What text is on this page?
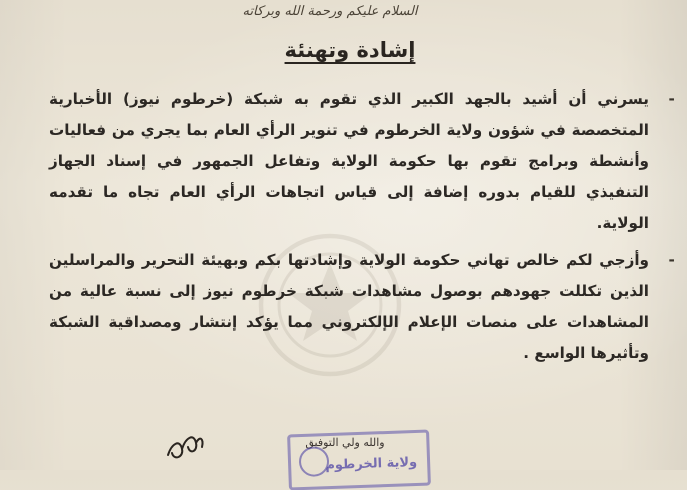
السلام عليكم ورحمة الله وبركاته
إشادة وتهنئة

-
يسرني أن أشيد بالجهد الكبير الذي تقوم به شبكة (خرطوم نيوز) الأخبارية المتخصصة في شؤون ولاية الخرطوم في تنوير الرأي العام بما يجري من فعاليات وأنشطة وبرامج تقوم بها حكومة الولاية وتفاعل الجمهور في إسناد الجهاز التنفيذي للقيام بدوره إضافة إلى قياس اتجاهات الرأي العام تجاه ما تقدمه الولاية.

-
وأزجي لكم خالص تهاني حكومة الولاية وإشادتها بكم وبهيئة التحرير والمراسلين الذين تكللت جهودهم بوصول مشاهدات شبكة خرطوم نيوز إلى نسبة عالية من المشاهدات على منصات الإعلام الإلكتروني مما يؤكد إنتشار ومصداقية الشبكة وتأثيرها الواسع .

والله ولي التوفيق
ولاية الخرطوم
